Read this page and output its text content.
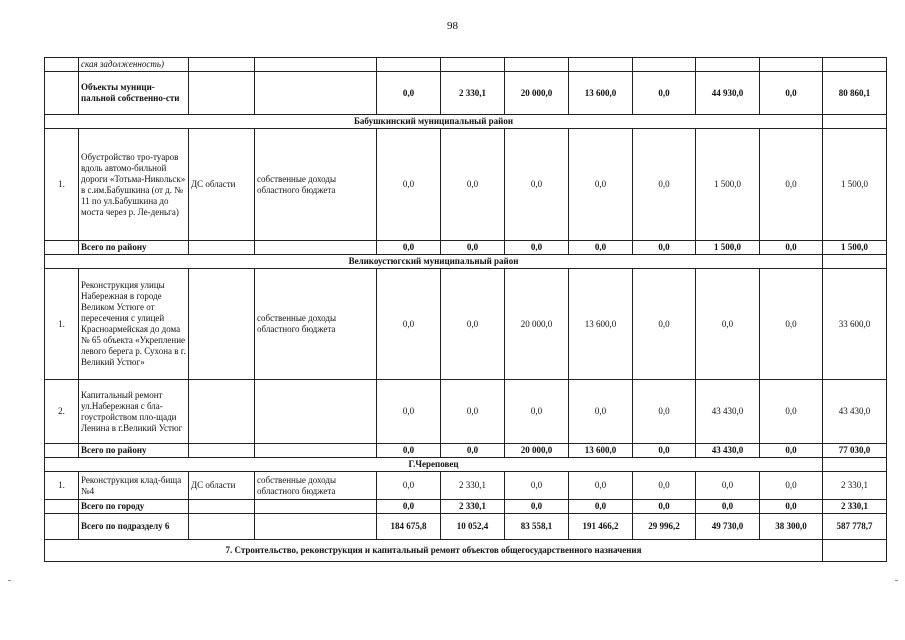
98
	ская задолженность)										
	Объекты муници-пальной собственно-сти			0,0	2 330,1	20 000,0	13 600,0	0,0	44 930,0	0,0	80 860,1
Бабушкинский муниципальный район											
1.	Обустройство тро-туаров вдоль автомо-бильной дороги «Тотьма-Никольск» в с.им.Бабушкина (от д. № 11 по ул.Бабушкина до моста через р. Ле-деньга)	ДС области	собственные доходы областного бюджета	0,0	0,0	0,0	0,0	0,0	1 500,0	0,0	1 500,0
	Всего по району			0,0	0,0	0,0	0,0	0,0	1 500,0	0,0	1 500,0
Великоустюгский муниципальный район											
1.	Реконструкция улицы Набережная в городе Великом Устюге от пересечения с улицей Красноармейская до дома № 65 объекта «Укрепление левого берега р. Сухона в г. Великий Устюг»		собственные доходы областного бюджета	0,0	0,0	20 000,0	13 600,0	0,0	0,0	0,0	33 600,0
2.	Капитальный ремонт ул.Набережная с бла-гоустройством пло-щади Ленина в г.Великий Устюг			0,0	0,0	0,0	0,0	0,0	43 430,0	0,0	43 430,0
	Всего по району			0,0	0,0	20 000,0	13 600,0	0,0	43 430,0	0,0	77 030,0
Г.Череповец											
1.	Реконструкция клад-бища №4	ДС области	собственные доходы областного бюджета	0,0	2 330,1	0,0	0,0	0,0	0,0	0,0	2 330,1
	Всего по городу			0,0	2 330,1	0,0	0,0	0,0	0,0	0,0	2 330,1
	Всего по подразделу 6			184 675,8	10 052,4	83 558,1	191 466,2	29 996,2	49 730,0	38 300,0	587 778,7
7. Строительство, реконструкция и капитальный ремонт объектов общегосударственного назначения											
